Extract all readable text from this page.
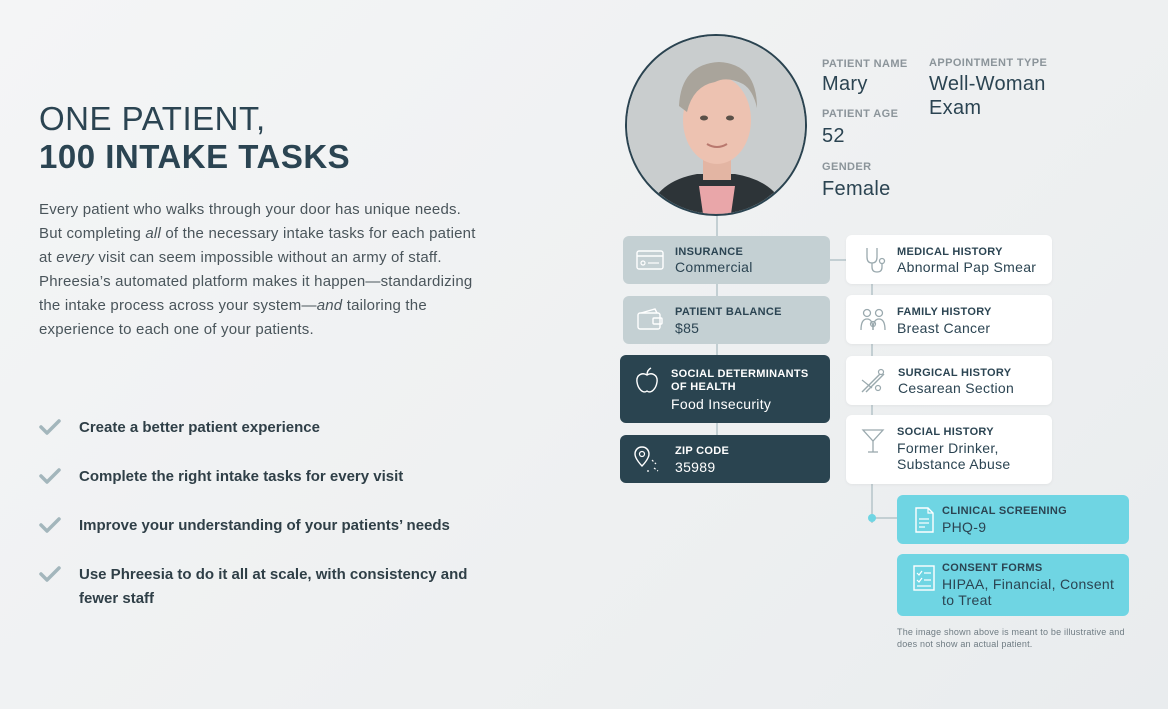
ONE PATIENT,
100 INTAKE TASKS

Every patient who walks through your door has unique needs. But completing all of the necessary intake tasks for each patient at every visit can seem impossible without an army of staff. Phreesia’s automated platform makes it happen—standardizing the intake process across your system—and tailoring the experience to each one of your patients.

Create a better patient experience
Complete the right intake tasks for every visit
Improve your understanding of your patients’ needs
Use Phreesia to do it all at scale, with consistency and fewer staff
PATIENT NAME
Mary
PATIENT AGE
52
GENDER
Female
APPOINTMENT TYPE
Well-Woman Exam
INSURANCE
Commercial
PATIENT BALANCE
$85
SOCIAL DETERMINANTS OF HEALTH
Food Insecurity
ZIP CODE
35989
MEDICAL HISTORY
Abnormal Pap Smear
FAMILY HISTORY
Breast Cancer
SURGICAL HISTORY
Cesarean Section
SOCIAL HISTORY
Former Drinker, Substance Abuse
CLINICAL SCREENING
PHQ-9
CONSENT FORMS
HIPAA, Financial, Consent to Treat
The image shown above is meant to be illustrative and does not show an actual patient.
